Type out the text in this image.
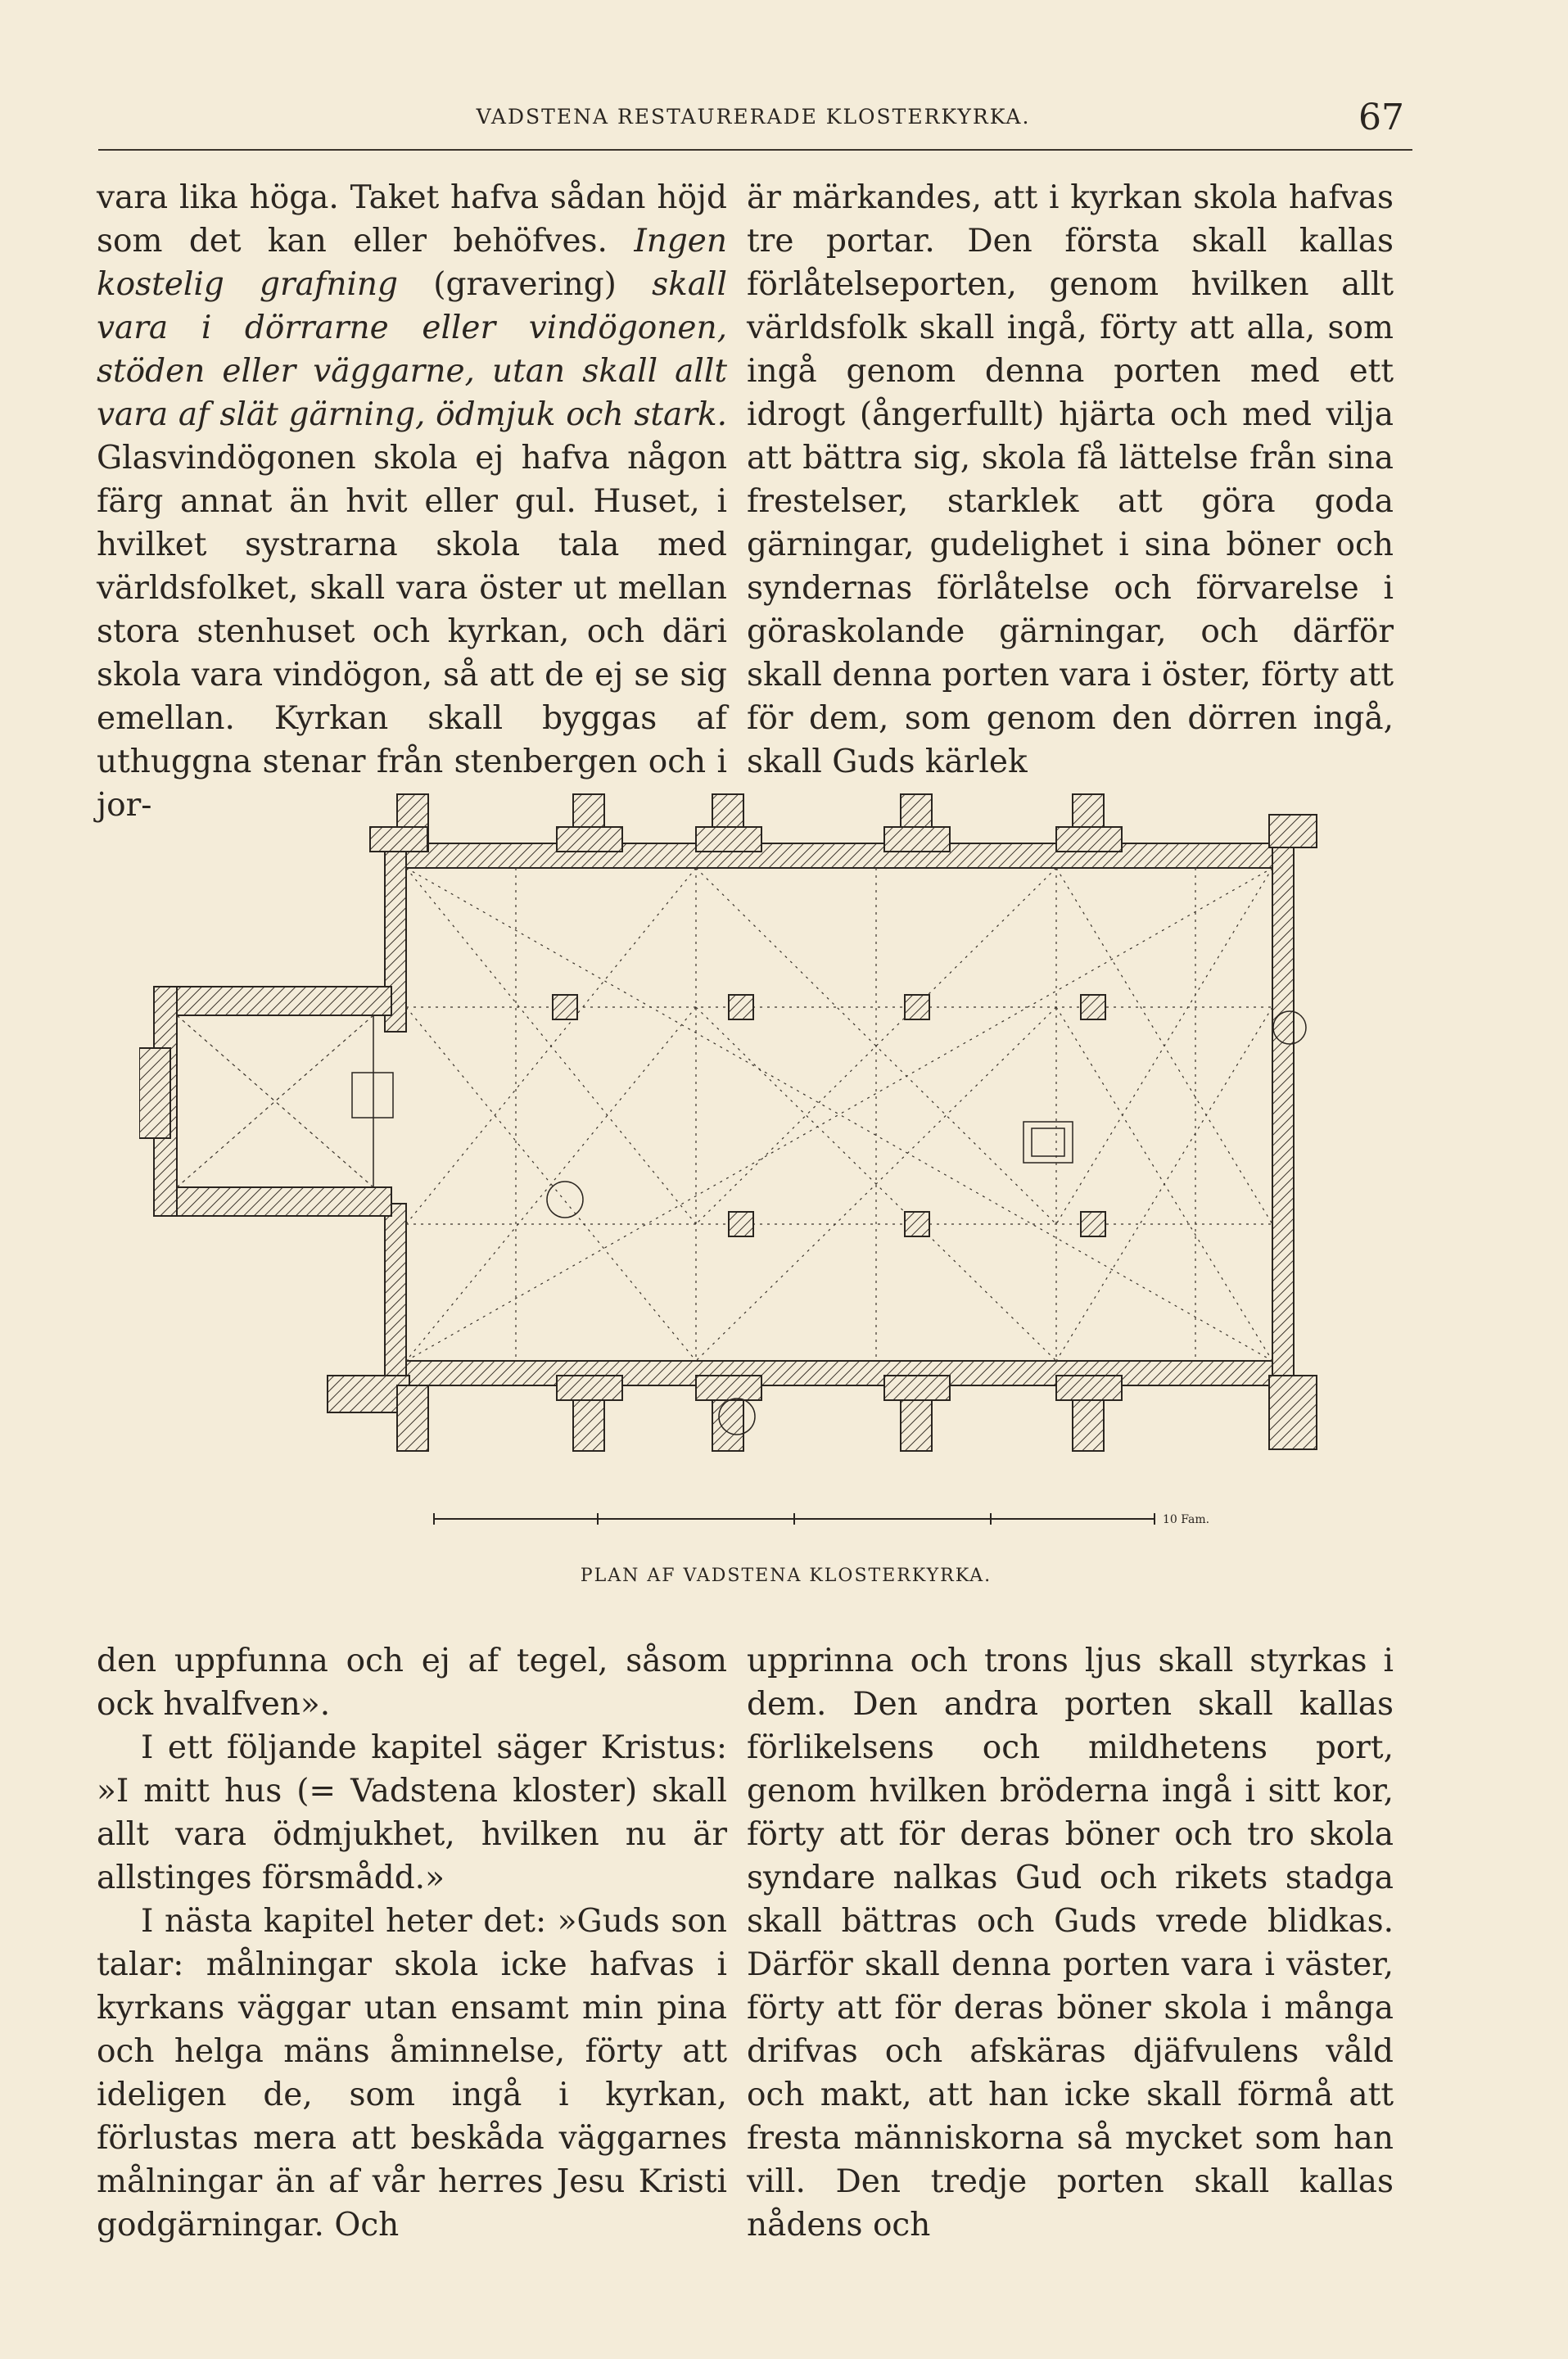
VADSTENA RESTAURERADE KLOSTERKYRKA.	67

vara lika höga. Taket hafva sådan höjd som det kan eller behöfves. Ingen kostelig grafning (gravering) skall vara i dörrarne eller vindögonen, stöden eller väggarne, utan skall allt vara af slät gärning, ödmjuk och stark. Glasvindögonen skola ej hafva någon färg annat än hvit eller gul. Huset, i hvilket systrarna skola tala med världsfolket, skall vara öster ut mellan stora stenhuset och kyrkan, och däri skola vara vindögon, så att de ej se sig emellan. Kyrkan skall byggas af uthuggna stenar från stenbergen och i jor-

är märkandes, att i kyrkan skola hafvas tre portar. Den första skall kallas förlåtelseporten, genom hvilken allt världsfolk skall ingå, förty att alla, som ingå genom denna porten med ett idrogt (ångerfullt) hjärta och med vilja att bättra sig, skola få lättelse från sina frestelser, starklek att göra goda gärningar, gudelighet i sina böner och syndernas förlåtelse och förvarelse i göraskolande gärningar, och därför skall denna porten vara i öster, förty att för dem, som genom den dörren ingå, skall Guds kärlek

10 Fam.
PLAN AF VADSTENA KLOSTERKYRKA.

den uppfunna och ej af tegel, såsom ock hvalfven».

I ett följande kapitel säger Kristus: »I mitt hus (= Vadstena kloster) skall allt vara ödmjukhet, hvilken nu är allstinges försmådd.»

I nästa kapitel heter det: »Guds son talar: målningar skola icke hafvas i kyrkans väggar utan ensamt min pina och helga mäns åminnelse, förty att ideligen de, som ingå i kyrkan, förlustas mera att beskåda väggarnes målningar än af vår herres Jesu Kristi godgärningar. Och

upprinna och trons ljus skall styrkas i dem. Den andra porten skall kallas förlikelsens och mildhetens port, genom hvilken bröderna ingå i sitt kor, förty att för deras böner och tro skola syndare nalkas Gud och rikets stadga skall bättras och Guds vrede blidkas. Därför skall denna porten vara i väster, förty att för deras böner skola i många drifvas och afskäras djäfvulens våld och makt, att han icke skall förmå att fresta människorna så mycket som han vill. Den tredje porten skall kallas nådens och
